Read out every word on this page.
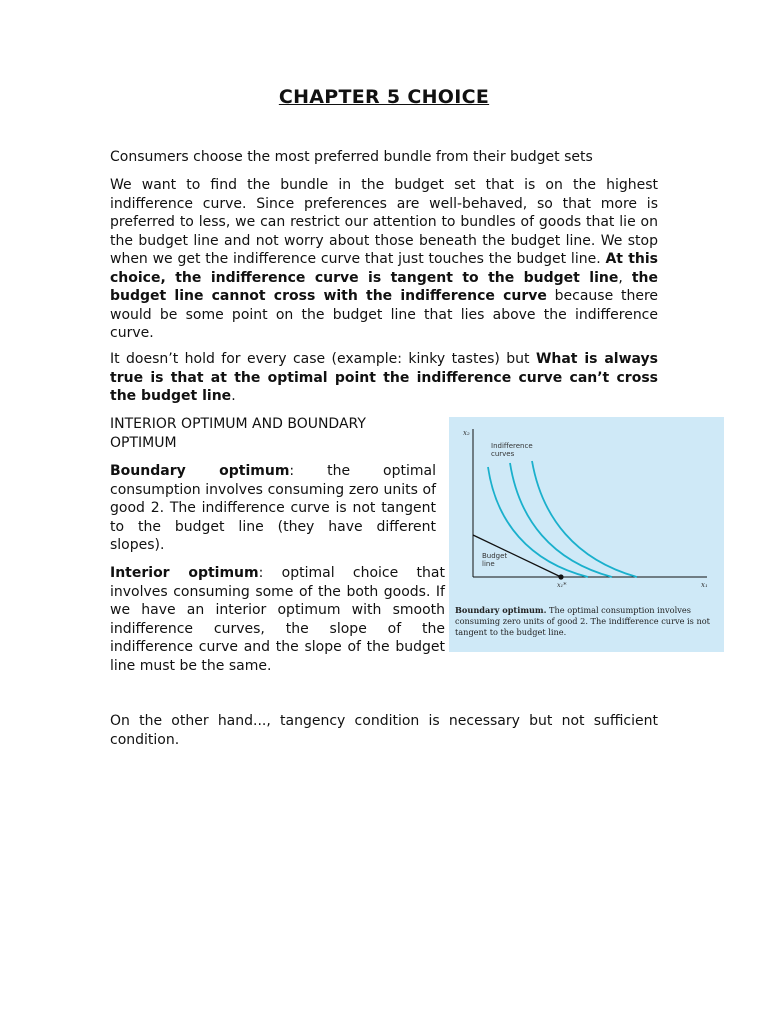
CHAPTER 5 CHOICE

Consumers choose the most preferred bundle from their budget sets

We want to find the bundle in the budget set that is on the highest indifference curve. Since preferences are well-behaved, so that more is preferred to less, we can restrict our attention to bundles of goods that lie on the budget line and not worry about those beneath the budget line. We stop when we get the indifference curve that just touches the budget line. At this choice, the indifference curve is tangent to the budget line, the budget line cannot cross with the indifference curve because there would be some point on the budget line that lies above the indifference curve.

It doesn’t hold for every case (example: kinky tastes) but What is always true is that at the optimal point the indifference curve can’t cross the budget line.

INTERIOR OPTIMUM AND BOUNDARY OPTIMUM

Boundary optimum: the optimal consumption involves consuming zero units of good 2. The indifference curve is not tangent to the budget line (they have different slopes).

Interior optimum: optimal choice that involves consuming some of the both goods. If we have an interior optimum with smooth indifference curves, the slope of the indifference curve and the slope of the budget line must be the same.

x₂
x₁
Indifference
curves
Budget
line
x₁*
Boundary optimum. The optimal consumption involves consuming zero units of good 2. The indifference curve is not tangent to the budget line.

On the other hand..., tangency condition is necessary but not sufficient condition.
